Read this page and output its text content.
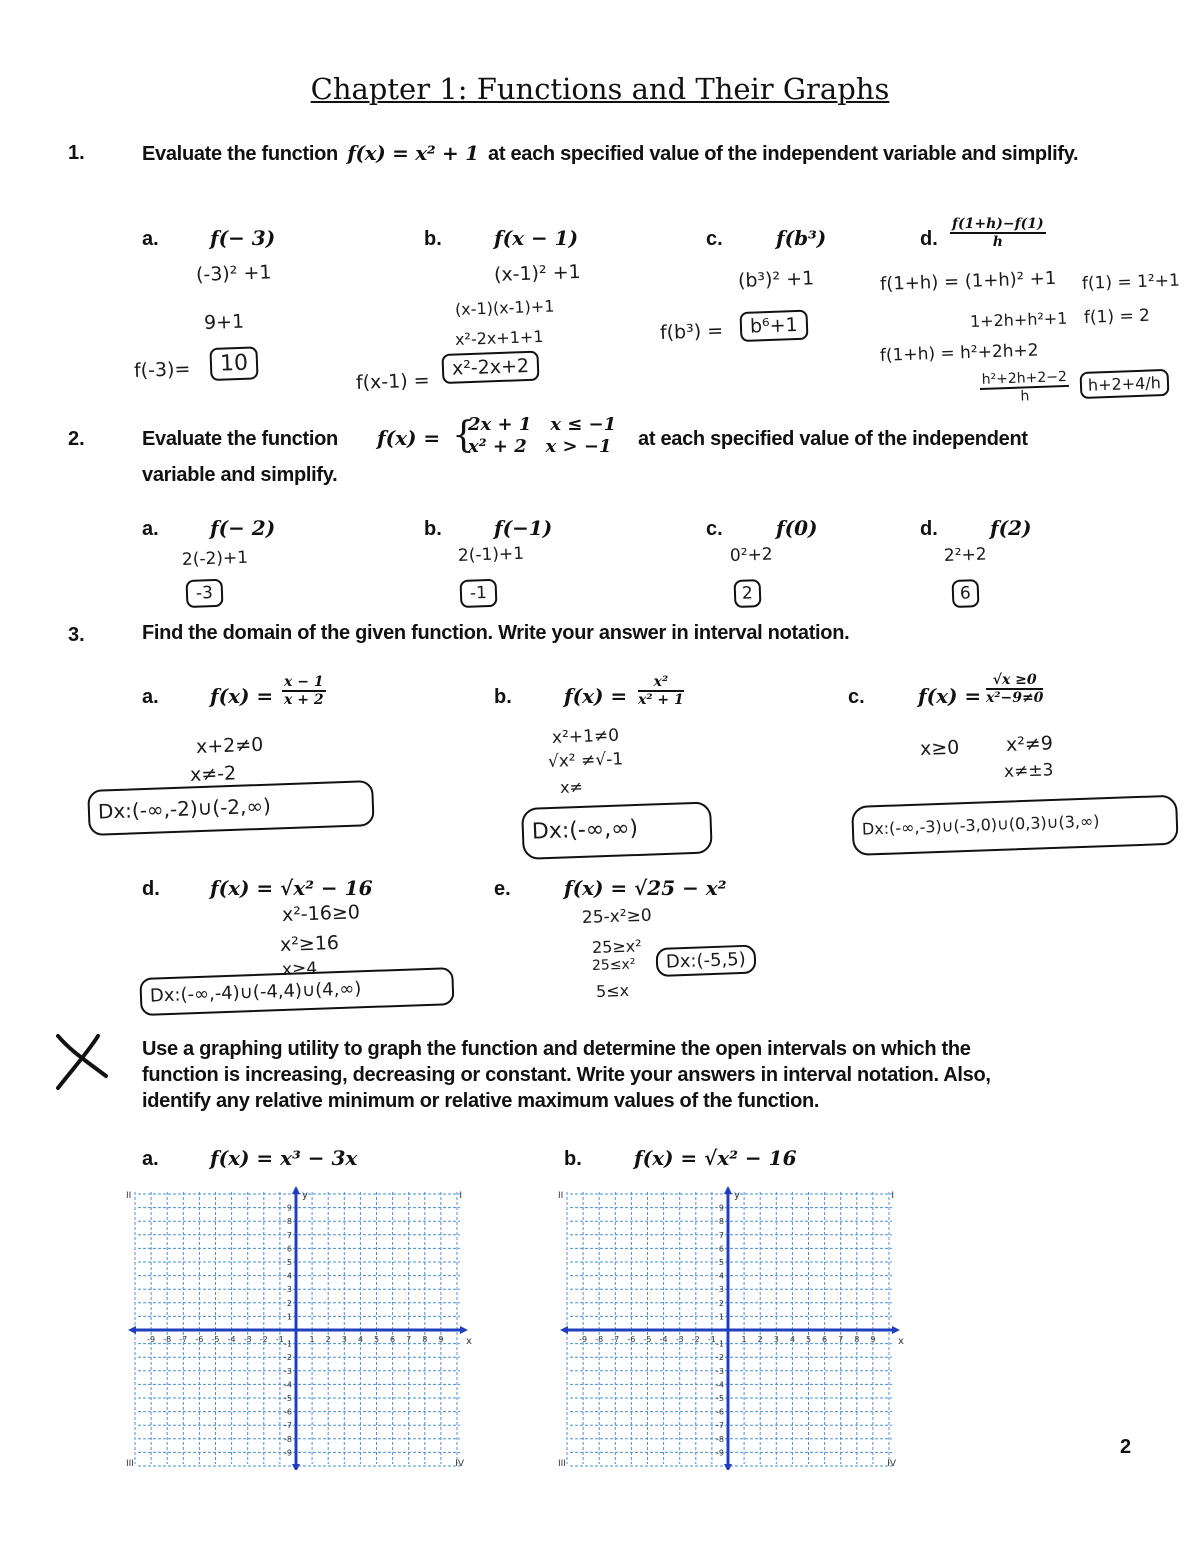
Chapter 1: Functions and Their Graphs
1.	Evaluate the function f(x) = x² + 1 at each specified value of the independent variable and simplify.
a.	f(− 3)	b.	f(x − 1)	c.	f(b³)	d. $\frac{f(1+h)-f(1)}{h}$
(-3)² +1
9+1
f(-3)=	10
(x-1)² +1
(x-1)(x-1)+1
x²-2x+1+1
f(x-1) =
x²-2x+2
(b³)² +1
f(b³) =	b⁶+1
f(1+h) = (1+h)² +1
1+2h+h²+1
f(1+h) = h²+2h+2
f(1) = 1²+1
f(1) = 2
$\frac{\text{h²+2h+2−2}}{h}$	h+2+4/h
2.	Evaluate the function f(x) = {
2x + 1   x ≤ −1
x² + 2   x > −1 at each specified value of the independent
variable and simplify.
a.	f(− 2)
2(-2)+1
-3
b.	f(−1)
2(-1)+1
-1
c.	f(0)
0²+2
2
d.	f(2)
2²+2
6
3.	Find the domain of the given function. Write your answer in interval notation.
a.	$f(x) = \frac{x - 1}{x + 2}$
x+2≠0
x≠-2
Dx:(-∞,-2)∪(-2,∞)
b.	$f(x) = \frac{\text{x²}}{\text{x² + 1}}$
x²+1≠0
√x² ≠√-1
x≠
Dx:(-∞,∞)
c.	$f(x) = \frac{√x \ge 0}{\text{x²−9≠0}}$
x≥0 x²≠9
x≠±3
Dx:(-∞,-3)∪(-3,0)∪(0,3)∪(3,∞)
d.	f(x) = √x² − 16
x²-16≥0
x²≥16
x≥4
Dx:(-∞,-4)∪(-4,4)∪(4,∞)
e.	f(x) = √25 − x²
25-x²≥0
25≥x²
25≤x²
5≤x
Dx:(-5,5)
X
Use a graphing utility to graph the function and determine the open intervals on which the
function is increasing, decreasing or constant. Write your answers in interval notation. Also,
identify any relative minimum or relative maximum values of the function.
a.	f(x) = x³ − 3x	b.	f(x) = √x² − 16
-9 -8 -7 -6 -5 -4 -3 -2 -1	1 2 3 4 5 6 7 8 9
9
8
7
6
5
4
3
2
1
-1
-2
-3
-4
-5
-6
-7
-8
-9
x
y
II	I
III	IV
-9 -8 -7 -6 -5 -4 -3 -2 -1	1 2 3 4 5 6 7 8 9
9
8
7
6
5
4
3
2
1
-1
-2
-3
-4
-5
-6
-7
-8
-9
x
y
II	I
III	IV
2
